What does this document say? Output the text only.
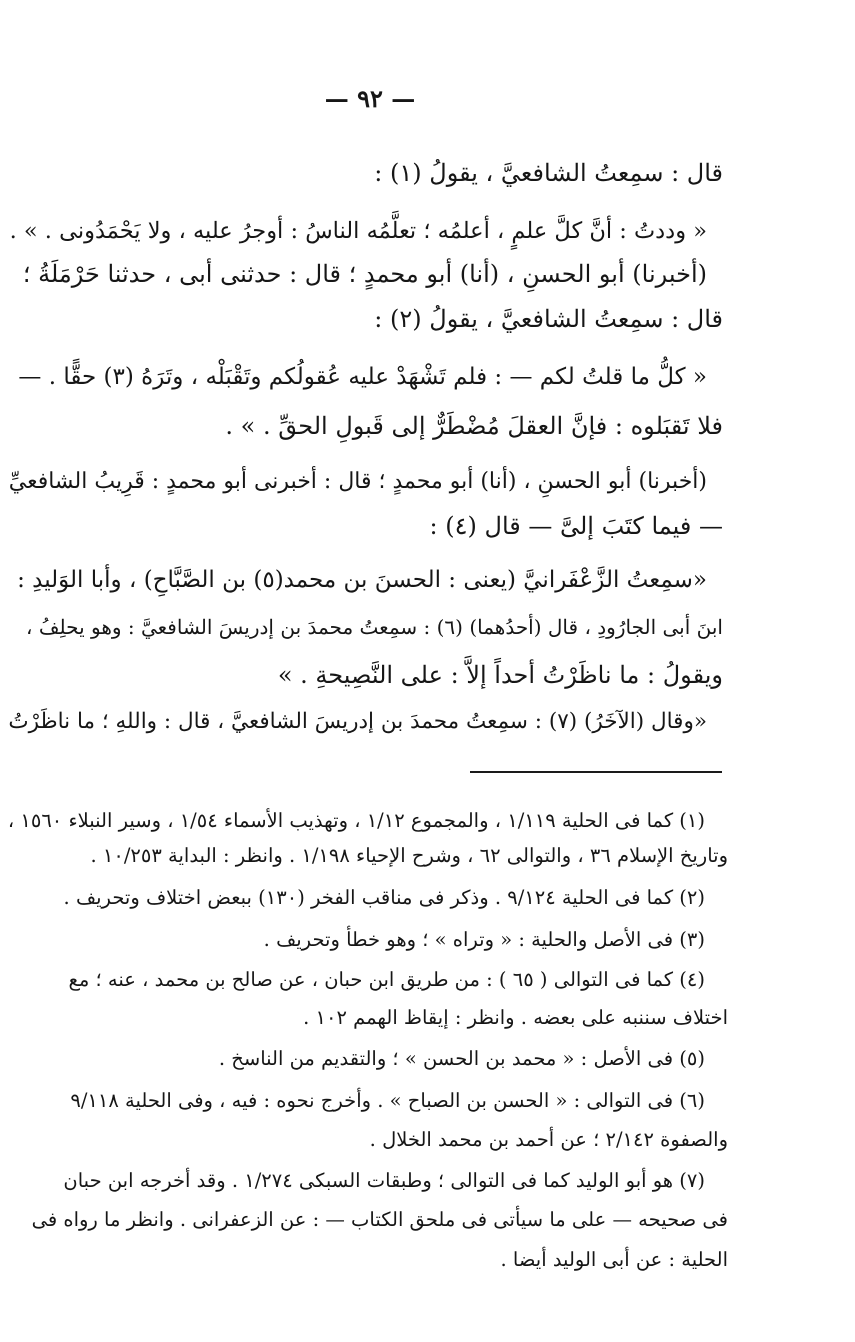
— ٩٢ —
قال : سمِعتُ الشافعيَّ ، يقولُ (١) :
« وددتُ : أنَّ كلَّ علمٍ ، أعلمُه ؛ تعلَّمُه الناسُ : أوجرُ عليه ، ولا يَحْمَدُونى . » .
(أخبرنا) أبو الحسنِ ، (أنا) أبو محمدٍ ؛ قال : حدثنى أبى ، حدثنا حَرْمَلَةُ ؛
قال : سمِعتُ الشافعيَّ ، يقولُ (٢) :
« كلُّ ما قلتُ لكم — : فلم تَشْهَدْ عليه عُقولُكم وتَقْبَلْه ، وتَرَهُ (٣) حقًّا . —
فلا تَقبَلوه : فإنَّ العقلَ مُضْطَرٌّ إلى قَبولِ الحقِّ . » .
(أخبرنا) أبو الحسنِ ، (أنا) أبو محمدٍ ؛ قال : أخبرنى أبو محمدٍ : قَرِيبُ الشافعيِّ
— فيما كتَبَ إلىَّ — قال (٤) :
«سمِعتُ الزَّعْفَرانيَّ (يعنى : الحسنَ بن محمد(٥) بن الصَّبَّاحِ) ، وأبا الوَليدِ :
ابنَ أبى الجارُودِ ، قال (أحدُهما) (٦) : سمِعتُ محمدَ بن إدريسَ الشافعيَّ : وهو يحلِفُ ،
ويقولُ : ما ناظَرْتُ أحداً إلاَّ : على النَّصِيحةِ . »
«وقال (الآخَرُ) (٧) : سمِعتُ محمدَ بن إدريسَ الشافعيَّ ، قال : واللهِ ؛ ما ناظَرْتُ
(١) كما فى الحلية ١/١١٩ ، والمجموع ١/١٢ ، وتهذيب الأسماء ١/٥٤ ، وسير النبلاء ١٥٦٠ ،
وتاريخ الإسلام ٣٦ ، والتوالى ٦٢ ، وشرح الإحياء ١/١٩٨ . وانظر : البداية ١٠/٢٥٣ .
(٢) كما فى الحلية ٩/١٢٤ . وذكر فى مناقب الفخر (١٣٠) ببعض اختلاف وتحريف .
(٣) فى الأصل والحلية : « وتراه » ؛ وهو خطأ وتحريف .
(٤) كما فى التوالى ( ٦٥ ) : من طريق ابن حبان ، عن صالح بن محمد ، عنه ؛ مع
اختلاف سننبه على بعضه . وانظر : إيقاظ الهمم ١٠٢ .
(٥) فى الأصل : « محمد بن الحسن » ؛ والتقديم من الناسخ .
(٦) فى التوالى : « الحسن بن الصباح » . وأخرج نحوه : فيه ، وفى الحلية ٩/١١٨
والصفوة ٢/١٤٢ ؛ عن أحمد بن محمد الخلال .
(٧) هو أبو الوليد كما فى التوالى ؛ وطبقات السبكى ١/٢٧٤ . وقد أخرجه ابن حبان
فى صحيحه — على ما سيأتى فى ملحق الكتاب — : عن الزعفرانى . وانظر ما رواه فى
الحلية : عن أبى الوليد أيضا .
